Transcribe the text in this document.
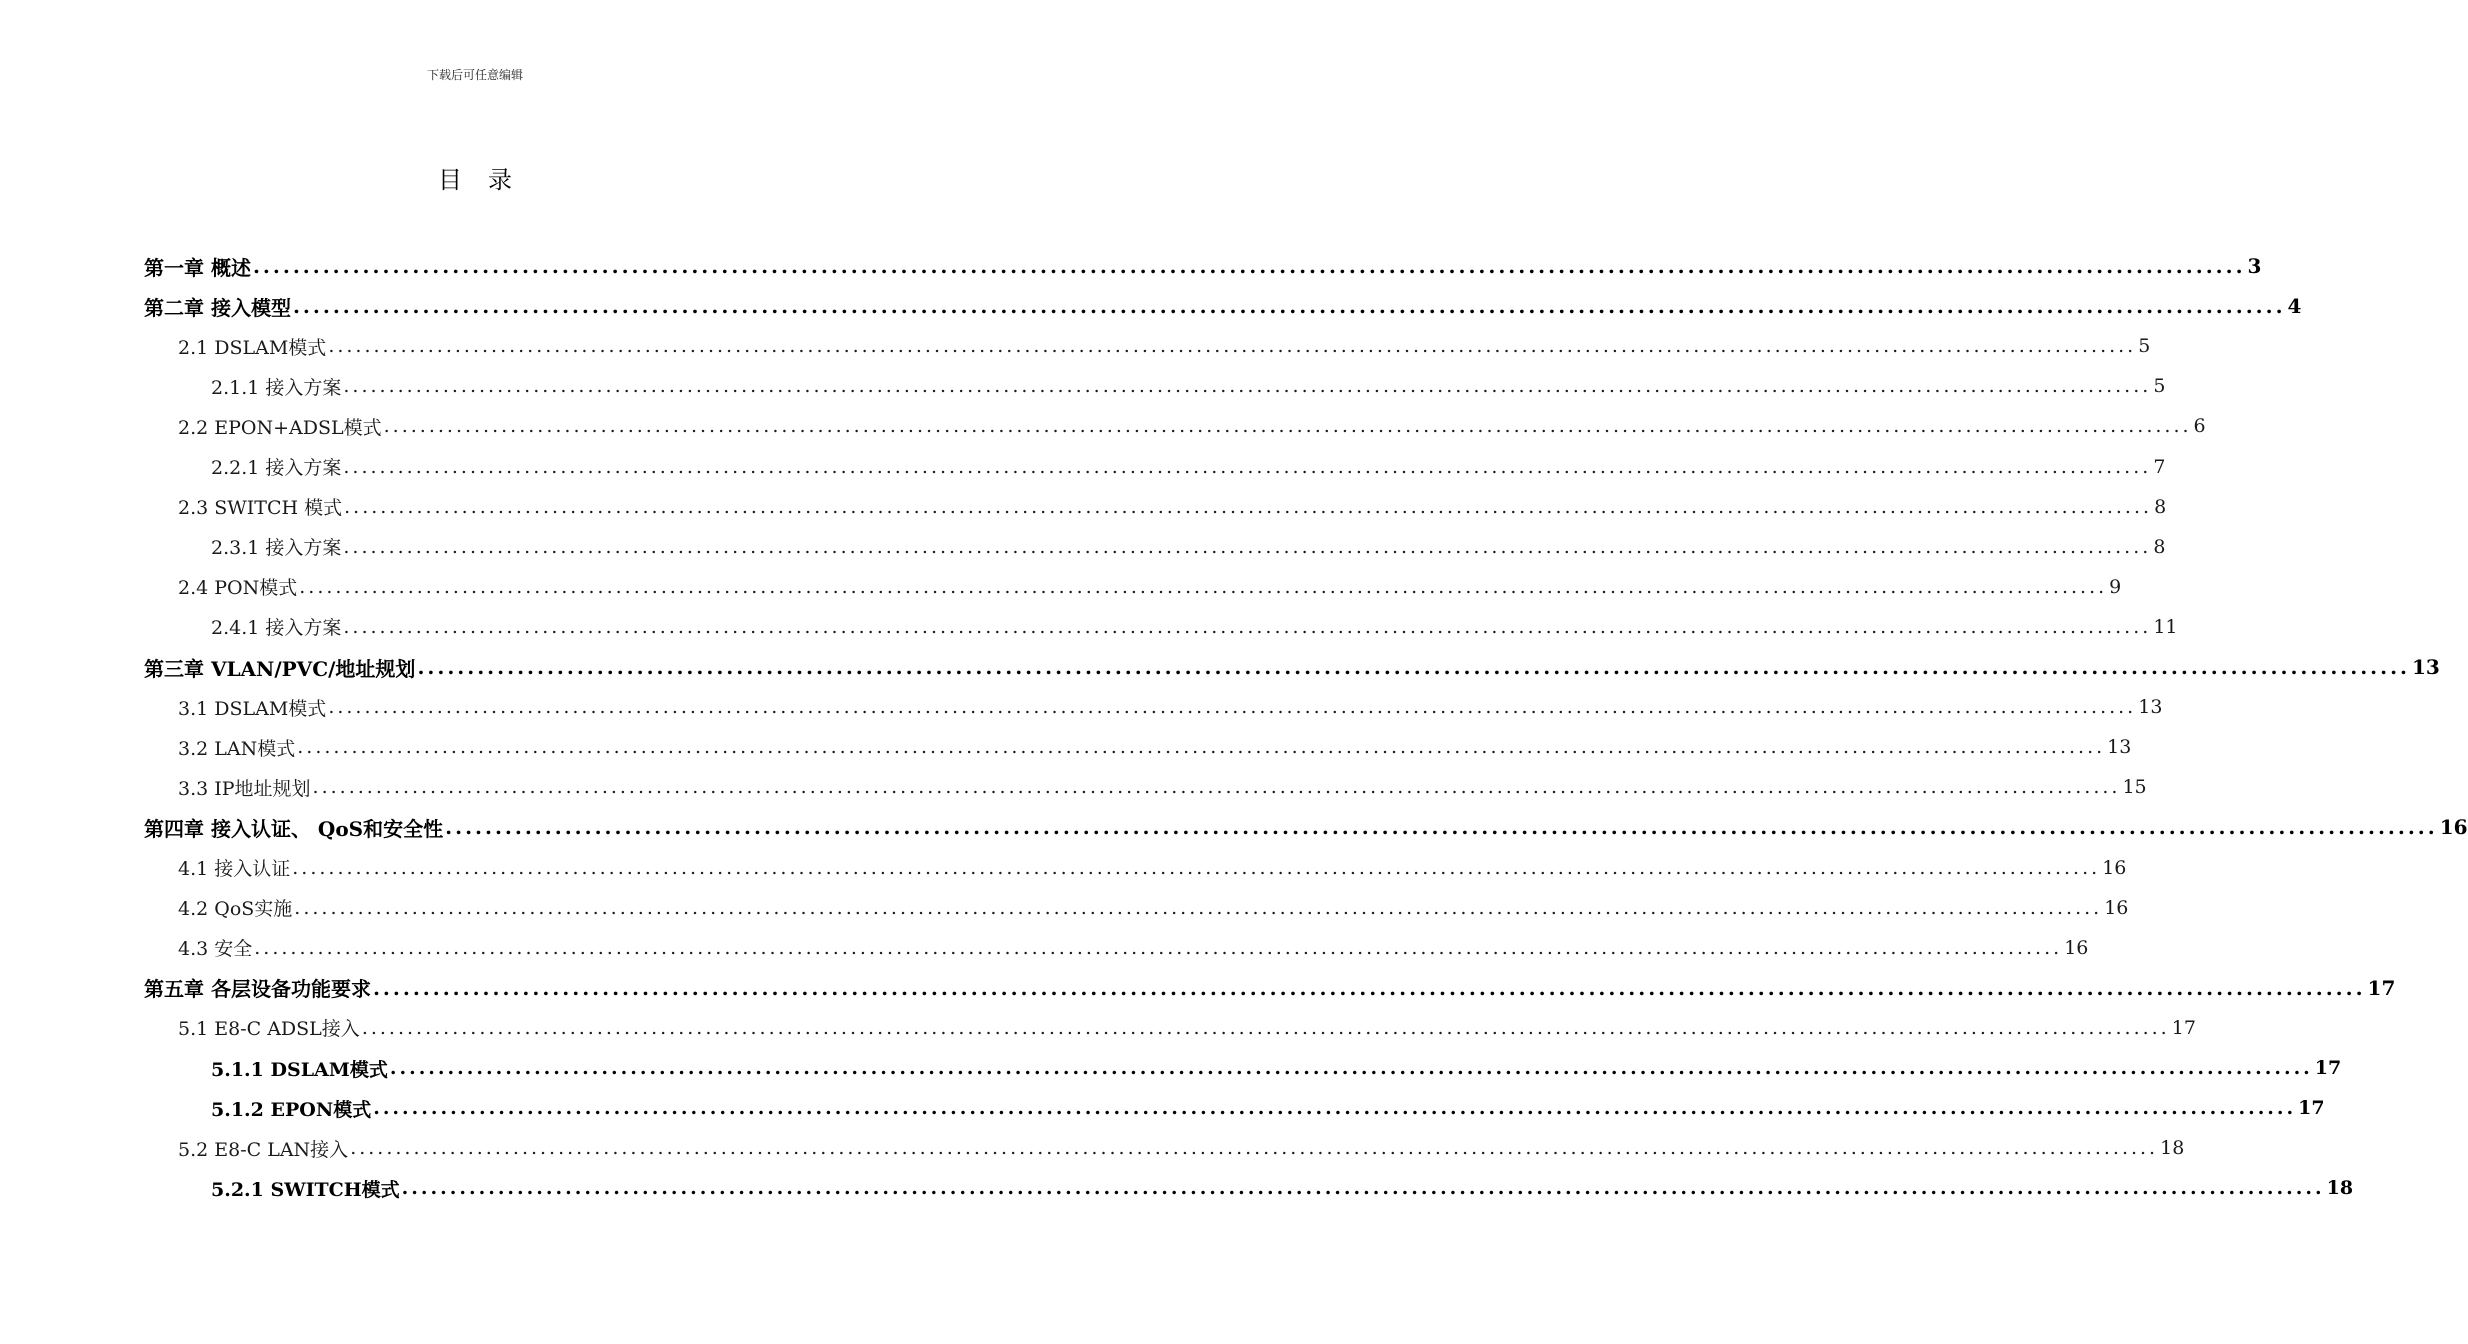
下载后可任意编辑
目录
第一章 概述 ........................................................................................................................................................................................................ 3
第二章 接入模型 ........................................................................................................................................................................................................ 4
2.1 DSLAM模式 ........................................................................................................................................................................................................ 5
2.1.1 接入方案 ........................................................................................................................................................................................................ 5
2.2 EPON+ADSL模式 ........................................................................................................................................................................................................ 6
2.2.1 接入方案 ........................................................................................................................................................................................................ 7
2.3 SWITCH 模式 ........................................................................................................................................................................................................ 8
2.3.1 接入方案 ........................................................................................................................................................................................................ 8
2.4 PON模式 ........................................................................................................................................................................................................ 9
2.4.1 接入方案 ........................................................................................................................................................................................................ 11
第三章 VLAN/PVC/地址规划 ........................................................................................................................................................................................................ 13
3.1 DSLAM模式 ........................................................................................................................................................................................................ 13
3.2 LAN模式 ........................................................................................................................................................................................................ 13
3.3 IP地址规划 ........................................................................................................................................................................................................ 15
第四章 接入认证、 QoS和安全性 ........................................................................................................................................................................................................ 16
4.1 接入认证 ........................................................................................................................................................................................................ 16
4.2 QoS实施 ........................................................................................................................................................................................................ 16
4.3 安全 ........................................................................................................................................................................................................ 16
第五章 各层设备功能要求 ........................................................................................................................................................................................................ 17
5.1 E8-C ADSL接入 ........................................................................................................................................................................................................ 17
5.1.1 DSLAM模式 ........................................................................................................................................................................................................ 17
5.1.2 EPON模式 ........................................................................................................................................................................................................ 17
5.2 E8-C LAN接入 ........................................................................................................................................................................................................ 18
5.2.1 SWITCH模式 ........................................................................................................................................................................................................ 18
